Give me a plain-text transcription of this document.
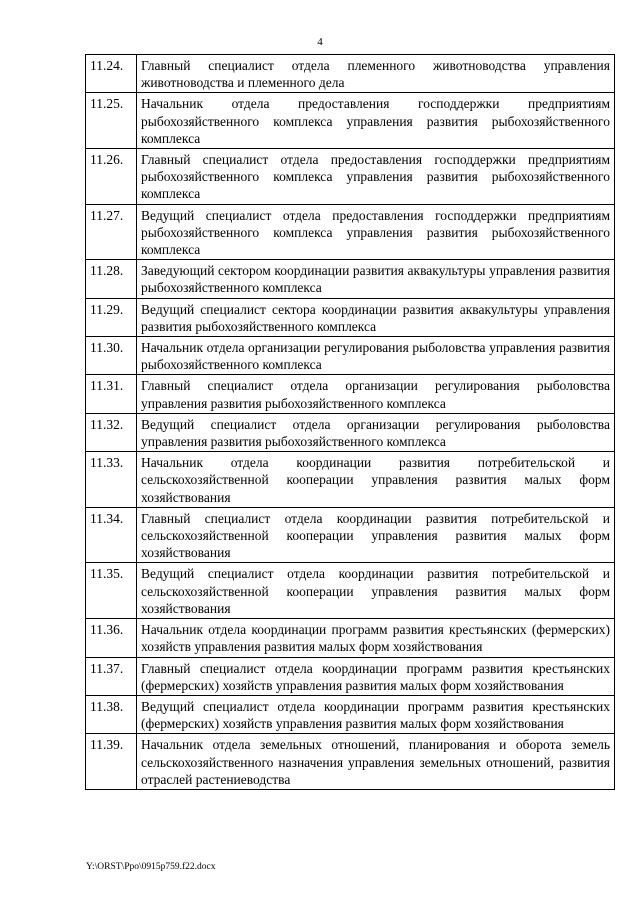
4
11.24.	Главный специалист отдела племенного животноводства управления животноводства и племенного дела
11.25.	Начальник отдела предоставления господдержки предприятиям рыбохозяйственного комплекса управления развития рыбохозяйственного комплекса
11.26.	Главный специалист отдела предоставления господдержки предприятиям рыбохозяйственного комплекса управления развития рыбохозяйственного комплекса
11.27.	Ведущий специалист отдела предоставления господдержки предприятиям рыбохозяйственного комплекса управления развития рыбохозяйственного комплекса
11.28.	Заведующий сектором координации развития аквакультуры управления развития рыбохозяйственного комплекса
11.29.	Ведущий специалист сектора координации развития аквакультуры управления развития рыбохозяйственного комплекса
11.30.	Начальник отдела организации регулирования рыболовства управления развития рыбохозяйственного комплекса
11.31.	Главный специалист отдела организации регулирования рыболовства управления развития рыбохозяйственного комплекса
11.32.	Ведущий специалист отдела организации регулирования рыболовства управления развития рыбохозяйственного комплекса
11.33.	Начальник отдела координации развития потребительской и сельскохозяйственной кооперации управления развития малых форм хозяйствования
11.34.	Главный специалист отдела координации развития потребительской и сельскохозяйственной кооперации управления развития малых форм хозяйствования
11.35.	Ведущий специалист отдела координации развития потребительской и сельскохозяйственной кооперации управления развития малых форм хозяйствования
11.36.	Начальник отдела координации программ развития крестьянских (фермерских) хозяйств управления развития малых форм хозяйствования
11.37.	Главный специалист отдела координации программ развития крестьянских (фермерских) хозяйств управления развития малых форм хозяйствования
11.38.	Ведущий специалист отдела координации программ развития крестьянских (фермерских) хозяйств управления развития малых форм хозяйствования
11.39.	Начальник отдела земельных отношений, планирования и оборота земель сельскохозяйственного назначения управления земельных отношений, развития отраслей растениеводства
Y:\ORST\Ppo\0915p759.f22.docx
